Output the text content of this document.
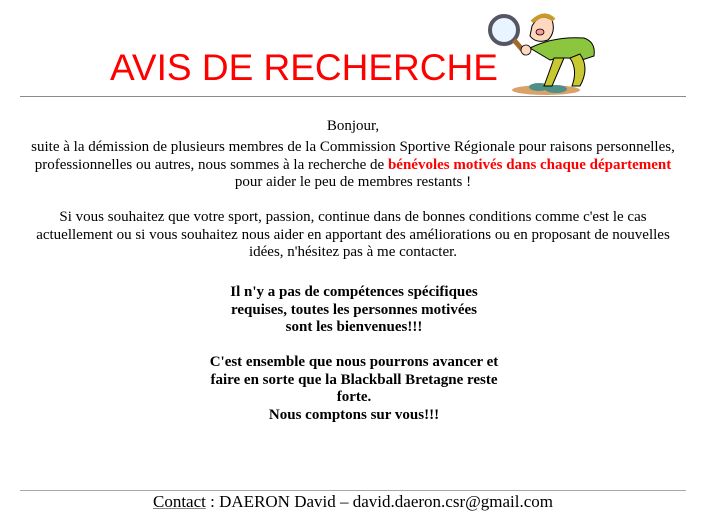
AVIS DE RECHERCHE
Bonjour,
suite à la démission de plusieurs membres de la Commission Sportive Régionale pour raisons personnelles, professionnelles ou autres, nous sommes à la recherche de bénévoles motivés dans chaque département pour aider le peu de membres restants !
Si vous souhaitez que votre sport, passion, continue dans de bonnes conditions comme c'est le cas actuellement ou si vous souhaitez nous aider en apportant des améliorations ou en proposant de nouvelles idées, n'hésitez pas à me contacter.
Il n'y a pas de compétences spécifiques
requises, toutes les personnes motivées
sont les bienvenues!!!
C'est ensemble que nous pourrons avancer et
faire en sorte que la Blackball Bretagne reste
forte.
Nous comptons sur vous!!!
Contact : DAERON David – david.daeron.csr@gmail.com
